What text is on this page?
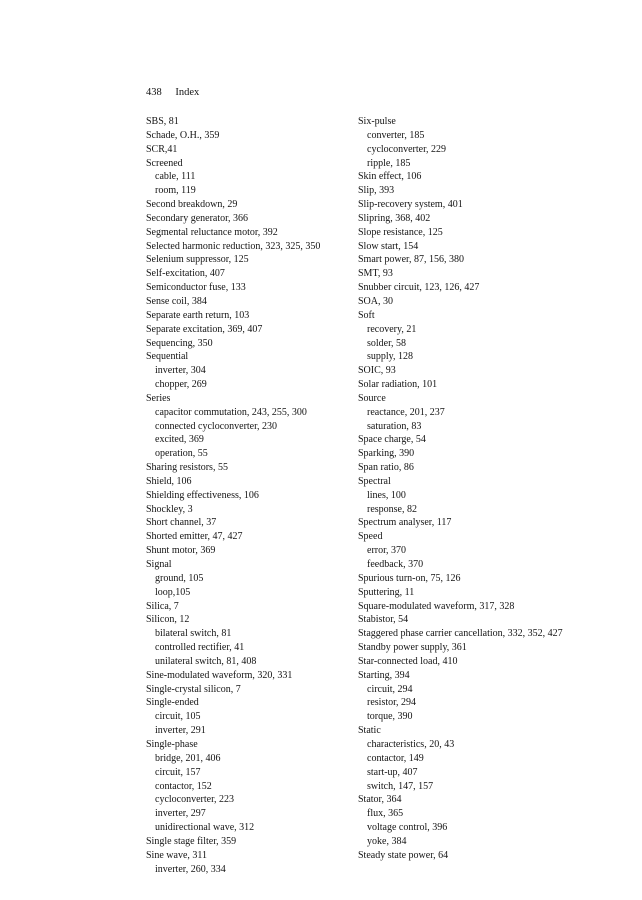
438 Index
SBS, 81
Schade, O.H., 359
SCR,41
Screened
cable, 111
room, 119
Second breakdown, 29
Secondary generator, 366
Segmental reluctance motor, 392
Selected harmonic reduction, 323, 325, 350
Selenium suppressor, 125
Self-excitation, 407
Semiconductor fuse, 133
Sense coil, 384
Separate earth return, 103
Separate excitation, 369, 407
Sequencing, 350
Sequential
inverter, 304
chopper, 269
Series
capacitor commutation, 243, 255, 300
connected cycloconverter, 230
excited, 369
operation, 55
Sharing resistors, 55
Shield, 106
Shielding effectiveness, 106
Shockley, 3
Short channel, 37
Shorted emitter, 47, 427
Shunt motor, 369
Signal
ground, 105
loop,105
Silica, 7
Silicon, 12
bilateral switch, 81
controlled rectifier, 41
unilateral switch, 81, 408
Sine-modulated waveform, 320, 331
Single-crystal silicon, 7
Single-ended
circuit, 105
inverter, 291
Single-phase
bridge, 201, 406
circuit, 157
contactor, 152
cycloconverter, 223
inverter, 297
unidirectional wave, 312
Single stage filter, 359
Sine wave, 311
inverter, 260, 334
Six-pulse
converter, 185
cycloconverter, 229
ripple, 185
Skin effect, 106
Slip, 393
Slip-recovery system, 401
Slipring, 368, 402
Slope resistance, 125
Slow start, 154
Smart power, 87, 156, 380
SMT, 93
Snubber circuit, 123, 126, 427
SOA, 30
Soft
recovery, 21
solder, 58
supply, 128
SOIC, 93
Solar radiation, 101
Source
reactance, 201, 237
saturation, 83
Space charge, 54
Sparking, 390
Span ratio, 86
Spectral
lines, 100
response, 82
Spectrum analyser, 117
Speed
error, 370
feedback, 370
Spurious turn-on, 75, 126
Sputtering, 11
Square-modulated waveform, 317, 328
Stabistor, 54
Staggered phase carrier cancellation, 332, 352, 427
Standby power supply, 361
Star-connected load, 410
Starting, 394
circuit, 294
resistor, 294
torque, 390
Static
characteristics, 20, 43
contactor, 149
start-up, 407
switch, 147, 157
Stator, 364
flux, 365
voltage control, 396
yoke, 384
Steady state power, 64
